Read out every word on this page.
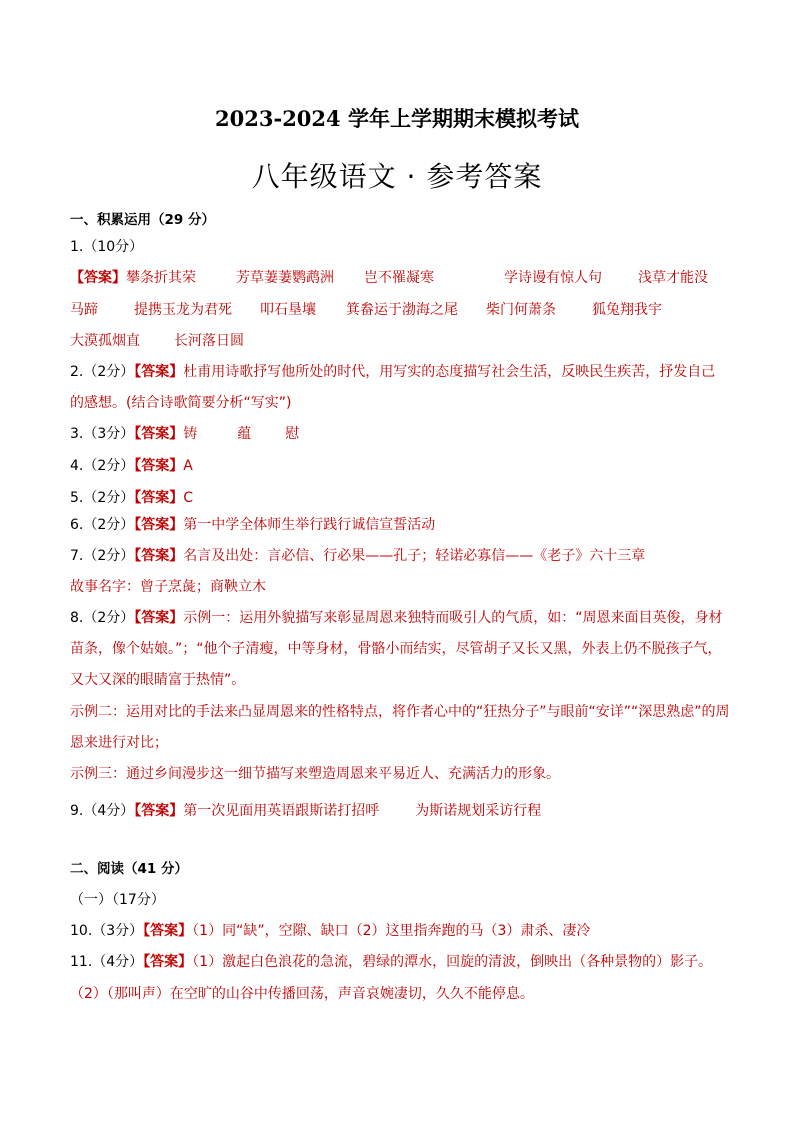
2023-2024 学年上学期期末模拟考试
八年级语文 · 参考答案
一、积累运用（29 分）
1.（10分）
【答案】攀条折其荣	芳草萋萋鹦鹉洲 岂不罹凝寒	学诗谩有惊人句	浅草才能没
马蹄	提携玉龙为君死 叩石垦壤 箕畚运于渤海之尾 柴门何萧条	狐兔翔我宇
大漠孤烟直 长河落日圆
2.（2分）【答案】杜甫用诗歌抒写他所处的时代，用写实的态度描写社会生活，反映民生疾苦，抒发自己
的感想。(结合诗歌简要分析“写实”)
3.（3分）【答案】铸	蕴 慰
4.（2分）【答案】A
5.（2分）【答案】C
6.（2分）【答案】第一中学全体师生举行践行诚信宣誓活动
7.（2分）【答案】名言及出处：言必信、行必果——孔子；轻诺必寡信——《老子》六十三章
故事名字：曾子烹彘；商鞅立木
8.（2分）【答案】示例一：运用外貌描写来彰显周恩来独特而吸引人的气质，如：“周恩来面目英俊，身材
苗条，像个姑娘。”；“他个子清瘦，中等身材，骨骼小而结实，尽管胡子又长又黑，外表上仍不脱孩子气，
又大又深的眼睛富于热情”。
示例二：运用对比的手法来凸显周恩来的性格特点，将作者心中的“狂热分子”与眼前“安详”“深思熟虑”的周
恩来进行对比；
示例三：通过乡间漫步这一细节描写来塑造周恩来平易近人、充满活力的形象。
9.（4分）【答案】第一次见面用英语跟斯诺打招呼	为斯诺规划采访行程
二、阅读（41 分）
（一）（17分）
10.（3分）【答案】（1）同“缺”，空隙、缺口（2）这里指奔跑的马（3）肃杀、凄冷
11.（4分）【答案】（1）激起白色浪花的急流，碧绿的潭水，回旋的清波，倒映出（各种景物的）影子。
（2）（那叫声）在空旷的山谷中传播回荡，声音哀婉凄切，久久不能停息。
